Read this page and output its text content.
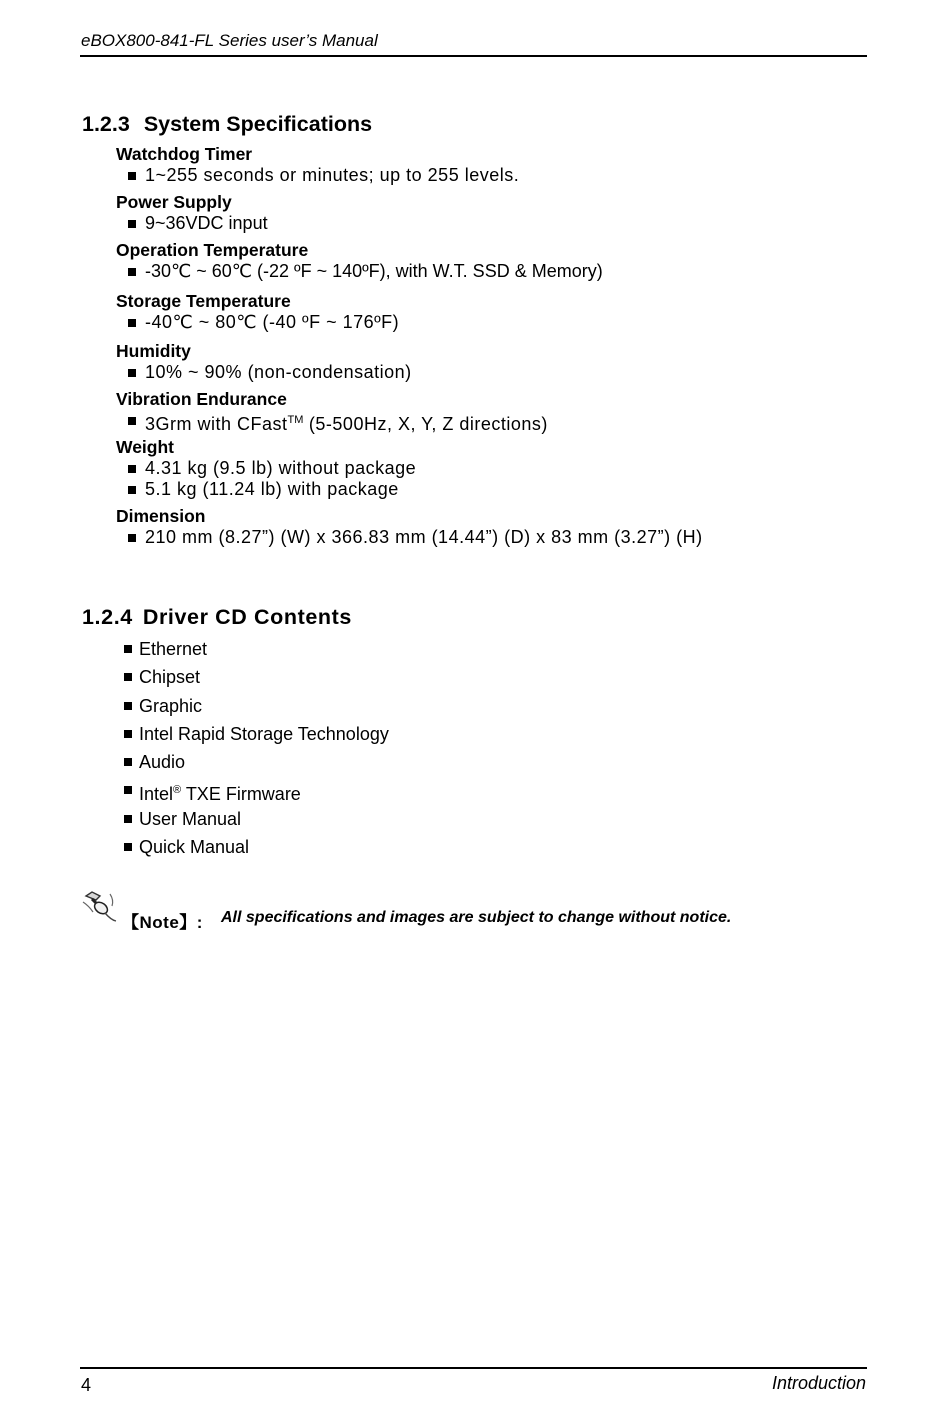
eBOX800-841-FL Series user’s Manual
1.2.3 System Specifications
Watchdog Timer
1~255 seconds or minutes; up to 255 levels.
Power Supply
9~36VDC input
Operation Temperature
-30℃ ~ 60℃ (-22 ºF ~ 140ºF), with W.T. SSD & Memory)
Storage Temperature
-40℃ ~ 80℃ (-40 ºF ~ 176ºF)
Humidity
10% ~ 90% (non-condensation)
Vibration Endurance
3Grm with CFast™ (5-500Hz, X, Y, Z directions)
Weight
4.31 kg (9.5 lb) without package
5.1 kg (11.24 lb) with package
Dimension
210 mm (8.27”) (W) x 366.83 mm (14.44”) (D) x 83 mm (3.27”) (H)
1.2.4 Driver CD Contents
Ethernet
Chipset
Graphic
Intel Rapid Storage Technology
Audio
Intel® TXE Firmware
User Manual
Quick Manual
【Note】: All specifications and images are subject to change without notice.
4	Introduction
